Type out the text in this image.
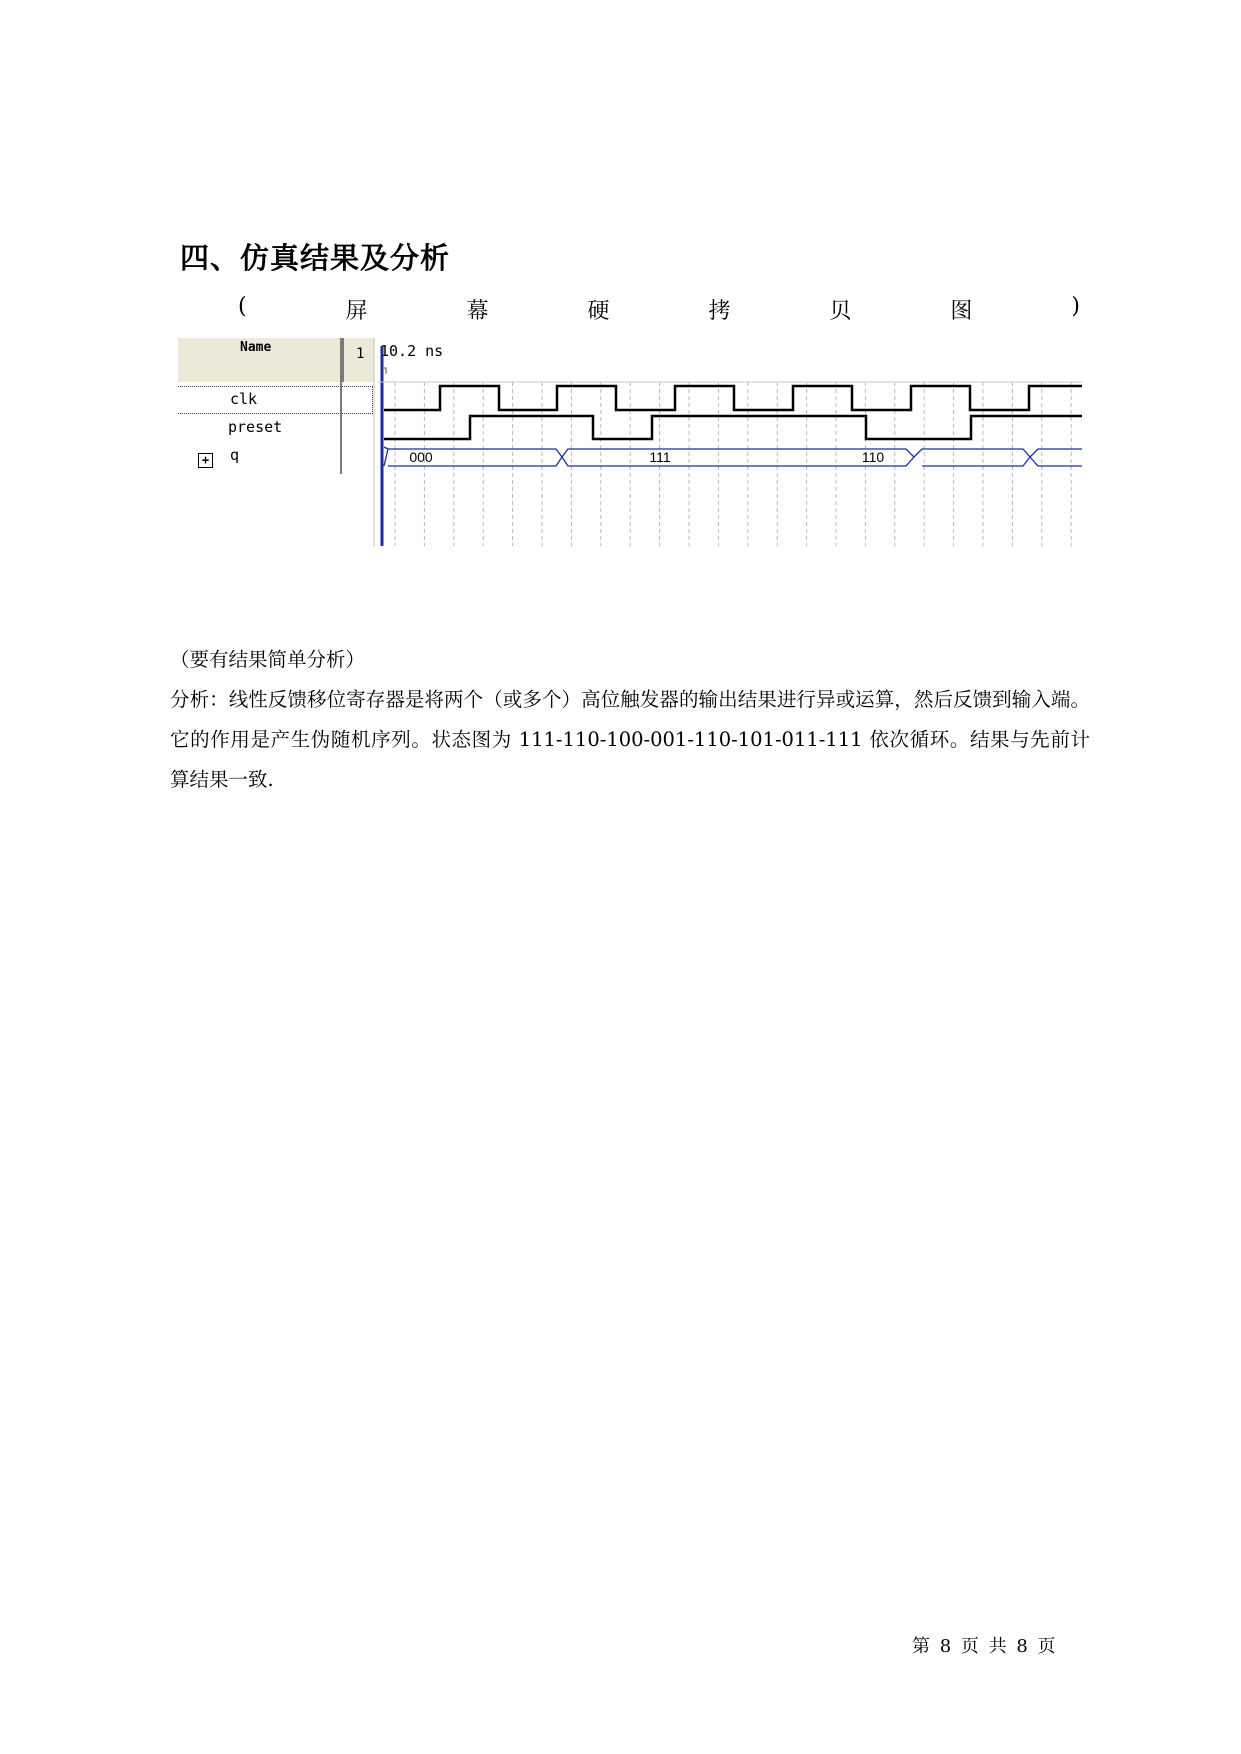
四、仿真结果及分析
(	屏	幕	硬	拷	贝	图	)
Name	1
clk
preset
+ q
10.2 ns
000	111	110
（要有结果简单分析）
分析：线性反馈移位寄存器是将两个（或多个）高位触发器的输出结果进行异或运算，然后反馈到输入端。它的作用是产生伪随机序列。状态图为 111-110-100-001-110-101-011-111 依次循环。结果与先前计算结果一致.
第 8 页 共 8 页
